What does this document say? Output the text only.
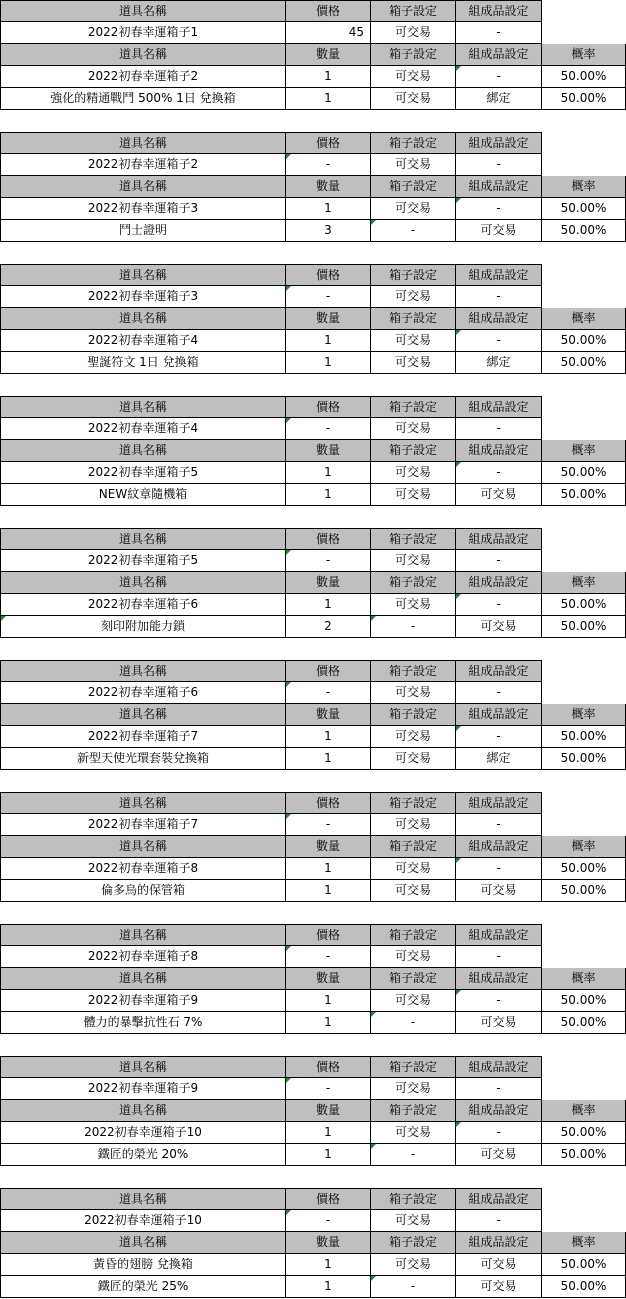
道具名稱	價格	箱子設定	組成品設定
2022初春幸運箱子1	45	可交易	-
道具名稱	數量	箱子設定	組成品設定	概率
2022初春幸運箱子2	1	可交易	-	50.00%
強化的精通戰鬥 500% 1日 兌換箱	1	可交易	綁定	50.00%
道具名稱	價格	箱子設定	組成品設定
2022初春幸運箱子2	-	可交易	-
道具名稱	數量	箱子設定	組成品設定	概率
2022初春幸運箱子3	1	可交易	-	50.00%
鬥士證明	3	-	可交易	50.00%
道具名稱	價格	箱子設定	組成品設定
2022初春幸運箱子3	-	可交易	-
道具名稱	數量	箱子設定	組成品設定	概率
2022初春幸運箱子4	1	可交易	-	50.00%
聖誕符文 1日 兌換箱	1	可交易	綁定	50.00%
道具名稱	價格	箱子設定	組成品設定
2022初春幸運箱子4	-	可交易	-
道具名稱	數量	箱子設定	組成品設定	概率
2022初春幸運箱子5	1	可交易	-	50.00%
NEW紋章隨機箱	1	可交易	可交易	50.00%
道具名稱	價格	箱子設定	組成品設定
2022初春幸運箱子5	-	可交易	-
道具名稱	數量	箱子設定	組成品設定	概率
2022初春幸運箱子6	1	可交易	-	50.00%
刻印附加能力鎖	2	-	可交易	50.00%
道具名稱	價格	箱子設定	組成品設定
2022初春幸運箱子6	-	可交易	-
道具名稱	數量	箱子設定	組成品設定	概率
2022初春幸運箱子7	1	可交易	-	50.00%
新型天使光環套裝兌換箱	1	可交易	綁定	50.00%
道具名稱	價格	箱子設定	組成品設定
2022初春幸運箱子7	-	可交易	-
道具名稱	數量	箱子設定	組成品設定	概率
2022初春幸運箱子8	1	可交易	-	50.00%
倫多烏的保管箱	1	可交易	可交易	50.00%
道具名稱	價格	箱子設定	組成品設定
2022初春幸運箱子8	-	可交易	-
道具名稱	數量	箱子設定	組成品設定	概率
2022初春幸運箱子9	1	可交易	-	50.00%
體力的暴擊抗性石 7%	1	-	可交易	50.00%
道具名稱	價格	箱子設定	組成品設定
2022初春幸運箱子9	-	可交易	-
道具名稱	數量	箱子設定	組成品設定	概率
2022初春幸運箱子10	1	可交易	-	50.00%
鐵匠的榮光 20%	1	-	可交易	50.00%
道具名稱	價格	箱子設定	組成品設定
2022初春幸運箱子10	-	可交易	-
道具名稱	數量	箱子設定	組成品設定	概率
黃昏的翅膀 兌換箱	1	可交易	可交易	50.00%
鐵匠的榮光 25%	1	-	可交易	50.00%
